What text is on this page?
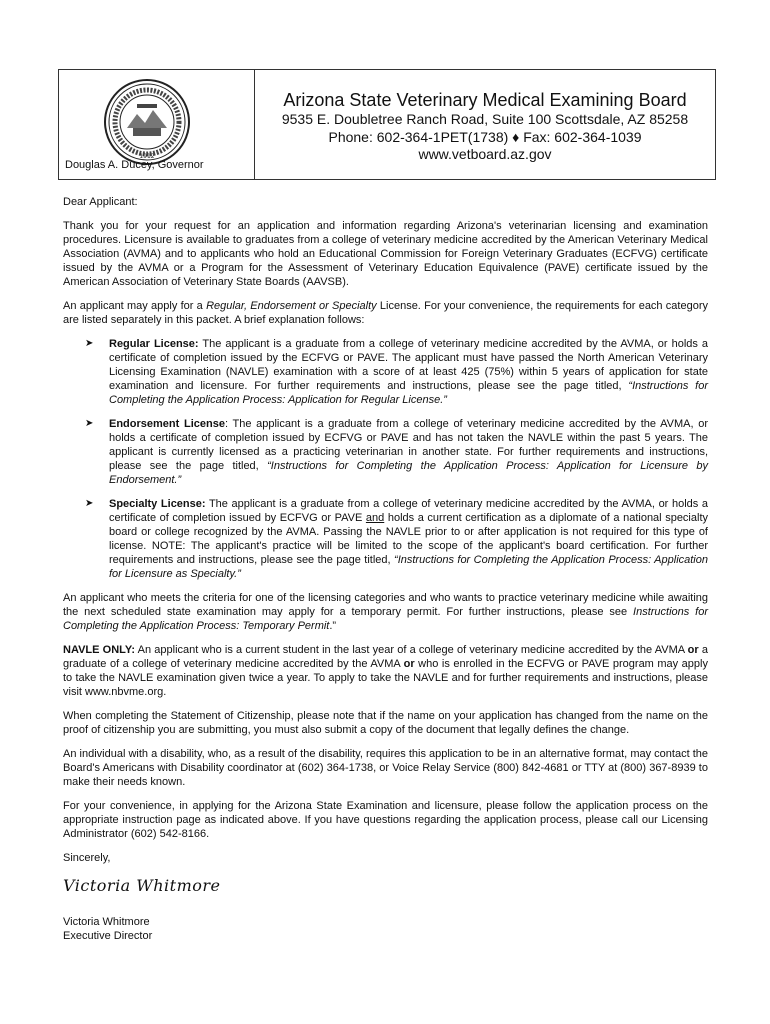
1912
Douglas A. Ducey, Governor
Arizona State Veterinary Medical Examining Board
9535 E. Doubletree Ranch Road, Suite 100 Scottsdale, AZ 85258
Phone: 602-364-1PET(1738) ♦ Fax: 602-364-1039
www.vetboard.az.gov
Dear Applicant:

Thank you for your request for an application and information regarding Arizona's veterinarian licensing and examination procedures. Licensure is available to graduates from a college of veterinary medicine accredited by the American Veterinary Medical Association (AVMA) and to applicants who hold an Educational Commission for Foreign Veterinary Graduates (ECFVG) certificate issued by the AVMA or a Program for the Assessment of Veterinary Education Equivalence (PAVE) certificate issued by the American Association of Veterinary State Boards (AAVSB).

An applicant may apply for a Regular, Endorsement or Specialty License. For your convenience, the requirements for each category are listed separately in this packet. A brief explanation follows:

➤ Regular License: The applicant is a graduate from a college of veterinary medicine accredited by the AVMA, or holds a certificate of completion issued by the ECFVG or PAVE. The applicant must have passed the North American Veterinary Licensing Examination (NAVLE) examination with a score of at least 425 (75%) within 5 years of application for state examination and licensure. For further requirements and instructions, please see the page titled, “Instructions for Completing the Application Process: Application for Regular License.”
➤ Endorsement License: The applicant is a graduate from a college of veterinary medicine accredited by the AVMA, or holds a certificate of completion issued by ECFVG or PAVE and has not taken the NAVLE within the past 5 years. The applicant is currently licensed as a practicing veterinarian in another state. For further requirements and instructions, please see the page titled, “Instructions for Completing the Application Process: Application for Licensure by Endorsement.”
➤ Specialty License: The applicant is a graduate from a college of veterinary medicine accredited by the AVMA, or holds a certificate of completion issued by ECFVG or PAVE and holds a current certification as a diplomate of a national specialty board or college recognized by the AVMA. Passing the NAVLE prior to or after application is not required for this type of license. NOTE: The applicant's practice will be limited to the scope of the applicant's board certification. For further requirements and instructions, please see the page titled, “Instructions for Completing the Application Process: Application for Licensure as Specialty.”

An applicant who meets the criteria for one of the licensing categories and who wants to practice veterinary medicine while awaiting the next scheduled state examination may apply for a temporary permit. For further instructions, please see Instructions for Completing the Application Process: Temporary Permit.”

NAVLE ONLY: An applicant who is a current student in the last year of a college of veterinary medicine accredited by the AVMA or a graduate of a college of veterinary medicine accredited by the AVMA or who is enrolled in the ECFVG or PAVE program may apply to take the NAVLE examination given twice a year. To apply to take the NAVLE and for further requirements and instructions, please visit www.nbvme.org.

When completing the Statement of Citizenship, please note that if the name on your application has changed from the name on the proof of citizenship you are submitting, you must also submit a copy of the document that legally defines the change.

An individual with a disability, who, as a result of the disability, requires this application to be in an alternative format, may contact the Board's Americans with Disability coordinator at (602) 364-1738, or Voice Relay Service (800) 842-4681 or TTY at (800) 367-8939 to make their needs known.

For your convenience, in applying for the Arizona State Examination and licensure, please follow the application process on the appropriate instruction page as indicated above. If you have questions regarding the application process, please call our Licensing Administrator (602) 542-8166.

Sincerely,

Victoria Whitmore
Victoria Whitmore
Executive Director
